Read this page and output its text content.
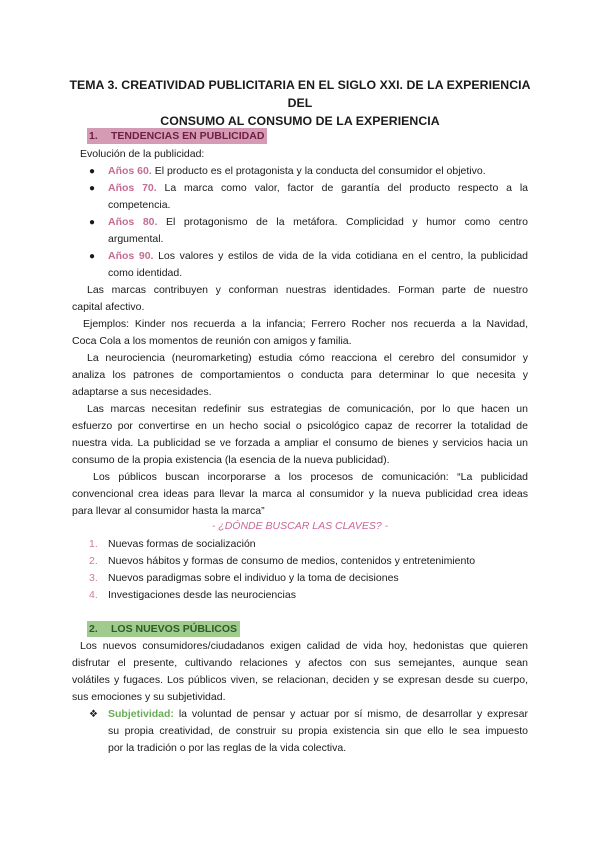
TEMA 3. CREATIVIDAD PUBLICITARIA EN EL SIGLO XXI. DE LA EXPERIENCIA DEL
CONSUMO AL CONSUMO DE LA EXPERIENCIA
1. TENDENCIAS EN PUBLICIDAD
Evolución de la publicidad:
● Años 60. El producto es el protagonista y la conducta del consumidor el objetivo.
● Años 70. La marca como valor, factor de garantía del producto respecto a la
competencia.
● Años 80. El protagonismo de la metáfora. Complicidad y humor como centro
argumental.
● Años 90. Los valores y estilos de vida de la vida cotidiana en el centro, la publicidad
como identidad.
Las marcas contribuyen y conforman nuestras identidades. Forman parte de nuestro
capital afectivo.
Ejemplos: Kinder nos recuerda a la infancia; Ferrero Rocher nos recuerda a la Navidad,
Coca Cola a los momentos de reunión con amigos y familia.
La neurociencia (neuromarketing) estudia cómo reacciona el cerebro del consumidor y
analiza los patrones de comportamientos o conducta para determinar lo que necesita y
adaptarse a sus necesidades.
Las marcas necesitan redefinir sus estrategias de comunicación, por lo que hacen un
esfuerzo por convertirse en un hecho social o psicológico capaz de recorrer la totalidad de
nuestra vida. La publicidad se ve forzada a ampliar el consumo de bienes y servicios hacia un
consumo de la propia existencia (la esencia de la nueva publicidad).
Los públicos buscan incorporarse a los procesos de comunicación: “La publicidad
convencional crea ideas para llevar la marca al consumidor y la nueva publicidad crea ideas
para llevar al consumidor hasta la marca”
- ¿DÓNDE BUSCAR LAS CLAVES? -
1. Nuevas formas de socialización
2. Nuevos hábitos y formas de consumo de medios, contenidos y entretenimiento
3. Nuevos paradigmas sobre el individuo y la toma de decisiones
4. Investigaciones desde las neurociencias
2. LOS NUEVOS PÚBLICOS
Los nuevos consumidores/ciudadanos exigen calidad de vida hoy, hedonistas que quieren
disfrutar el presente, cultivando relaciones y afectos con sus semejantes, aunque sean
volátiles y fugaces. Los públicos viven, se relacionan, deciden y se expresan desde su cuerpo,
sus emociones y su subjetividad.
❖ Subjetividad: la voluntad de pensar y actuar por sí mismo, de desarrollar y expresar
su propia creatividad, de construir su propia existencia sin que ello le sea impuesto
por la tradición o por las reglas de la vida colectiva.
